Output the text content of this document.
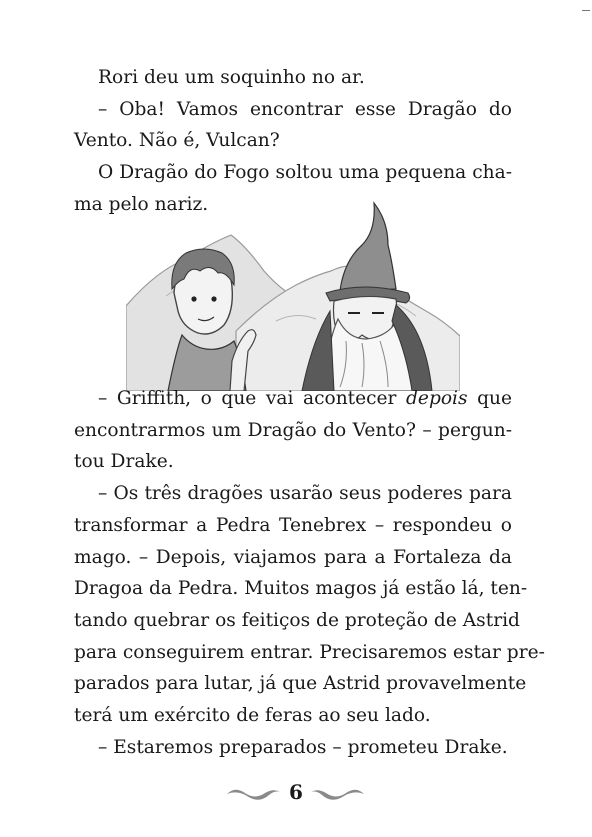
Rori deu um soquinho no ar.
– Oba! Vamos encontrar esse Dragão do
Vento. Não é, Vulcan?
O Dragão do Fogo soltou uma pequena cha-
ma pelo nariz.
– Griffith, o que vai acontecer depois que
encontrarmos um Dragão do Vento? – pergun-
tou Drake.
– Os três dragões usarão seus poderes para
transformar a Pedra Tenebrex – respondeu o
mago. – Depois, viajamos para a Fortaleza da
Dragoa da Pedra. Muitos magos já estão lá, ten-
tando quebrar os feitiços de proteção de Astrid
para conseguirem entrar. Precisaremos estar pre-
parados para lutar, já que Astrid provavelmente
terá um exército de feras ao seu lado.
– Estaremos preparados – prometeu Drake.
6
